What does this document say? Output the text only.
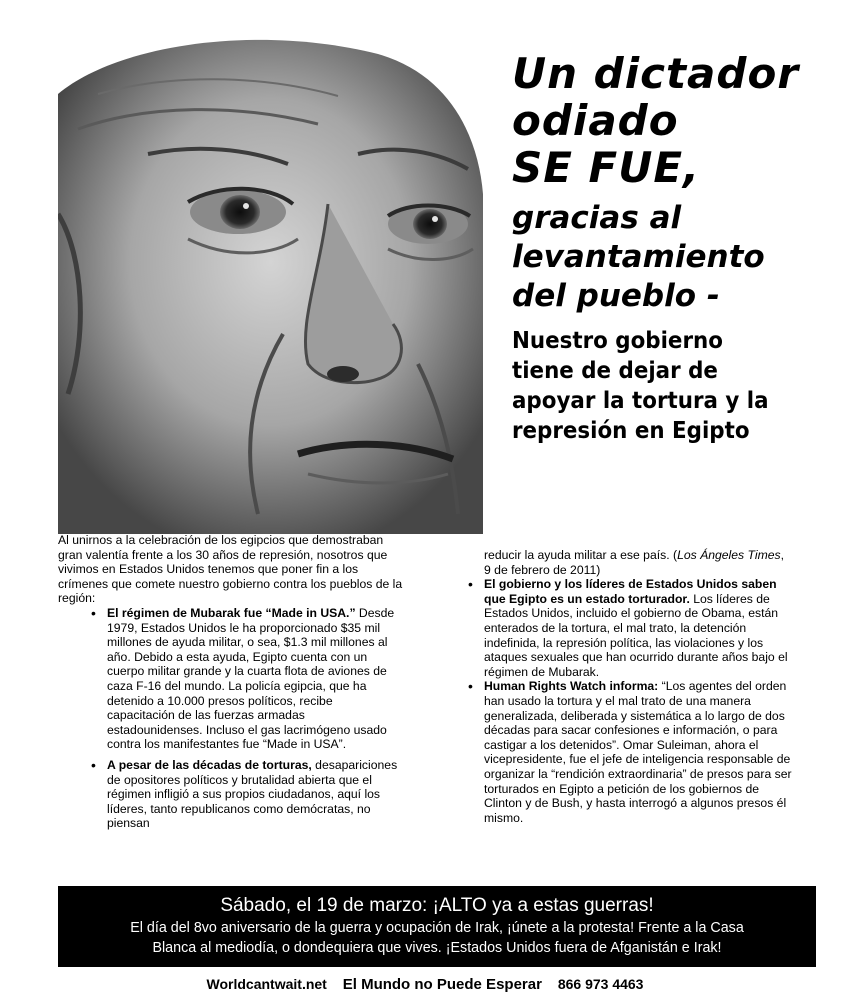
Un dictador
odiado
SE FUE,
gracias al
levantamiento
del pueblo -
Nuestro gobierno
tiene de dejar de
apoyar la tortura y la
represión en Egipto

Al unirnos a la celebración de los egipcios que demostraban gran valentía frente a los 30 años de represión, nosotros que vivimos en Estados Unidos tenemos que poner fin a los crímenes que comete nuestro gobierno contra los pueblos de la región:

• El régimen de Mubarak fue “Made in USA.” Desde 1979, Estados Unidos le ha proporcionado $35 mil millones de ayuda militar, o sea, $1.3 mil millones al año. Debido a esta ayuda, Egipto cuenta con un cuerpo militar grande y la cuarta flota de aviones de caza F-16 del mundo. La policía egipcia, que ha detenido a 10.000 presos políticos, recibe capacitación de las fuerzas armadas estadounidenses. Incluso el gas lacrimógeno usado contra los manifestantes fue “Made in USA”.
• A pesar de las décadas de torturas, desapariciones de opositores políticos y brutalidad abierta que el régimen infligió a sus propios ciudadanos, aquí los líderes, tanto republicanos como demócratas, no piensan

reducir la ayuda militar a ese país. (Los Ángeles Times, 9 de febrero de 2011)

• El gobierno y los líderes de Estados Unidos saben que Egipto es un estado torturador. Los líderes de Estados Unidos, incluido el gobierno de Obama, están enterados de la tortura, el mal trato, la detención indefinida, la represión política, las violaciones y los ataques sexuales que han ocurrido durante años bajo el régimen de Mubarak.
• Human Rights Watch informa: “Los agentes del orden han usado la tortura y el mal trato de una manera generalizada, deliberada y sistemática a lo largo de dos décadas para sacar confesiones e información, o para castigar a los detenidos”. Omar Suleiman, ahora el vicepresidente, fue el jefe de inteligencia responsable de organizar la “rendición extraordinaria” de presos para ser torturados en Egipto a petición de los gobiernos de Clinton y de Bush, y hasta interrogó a algunos presos él mismo.
Sábado, el 19 de marzo: ¡ALTO ya a estas guerras!
El día del 8vo aniversario de la guerra y ocupación de Irak, ¡únete a la protesta! Frente a la Casa
Blanca al mediodía, o dondequiera que vives. ¡Estados Unidos fuera de Afganistán e Irak!
Worldcantwait.net El Mundo no Puede Esperar 866 973 4463
